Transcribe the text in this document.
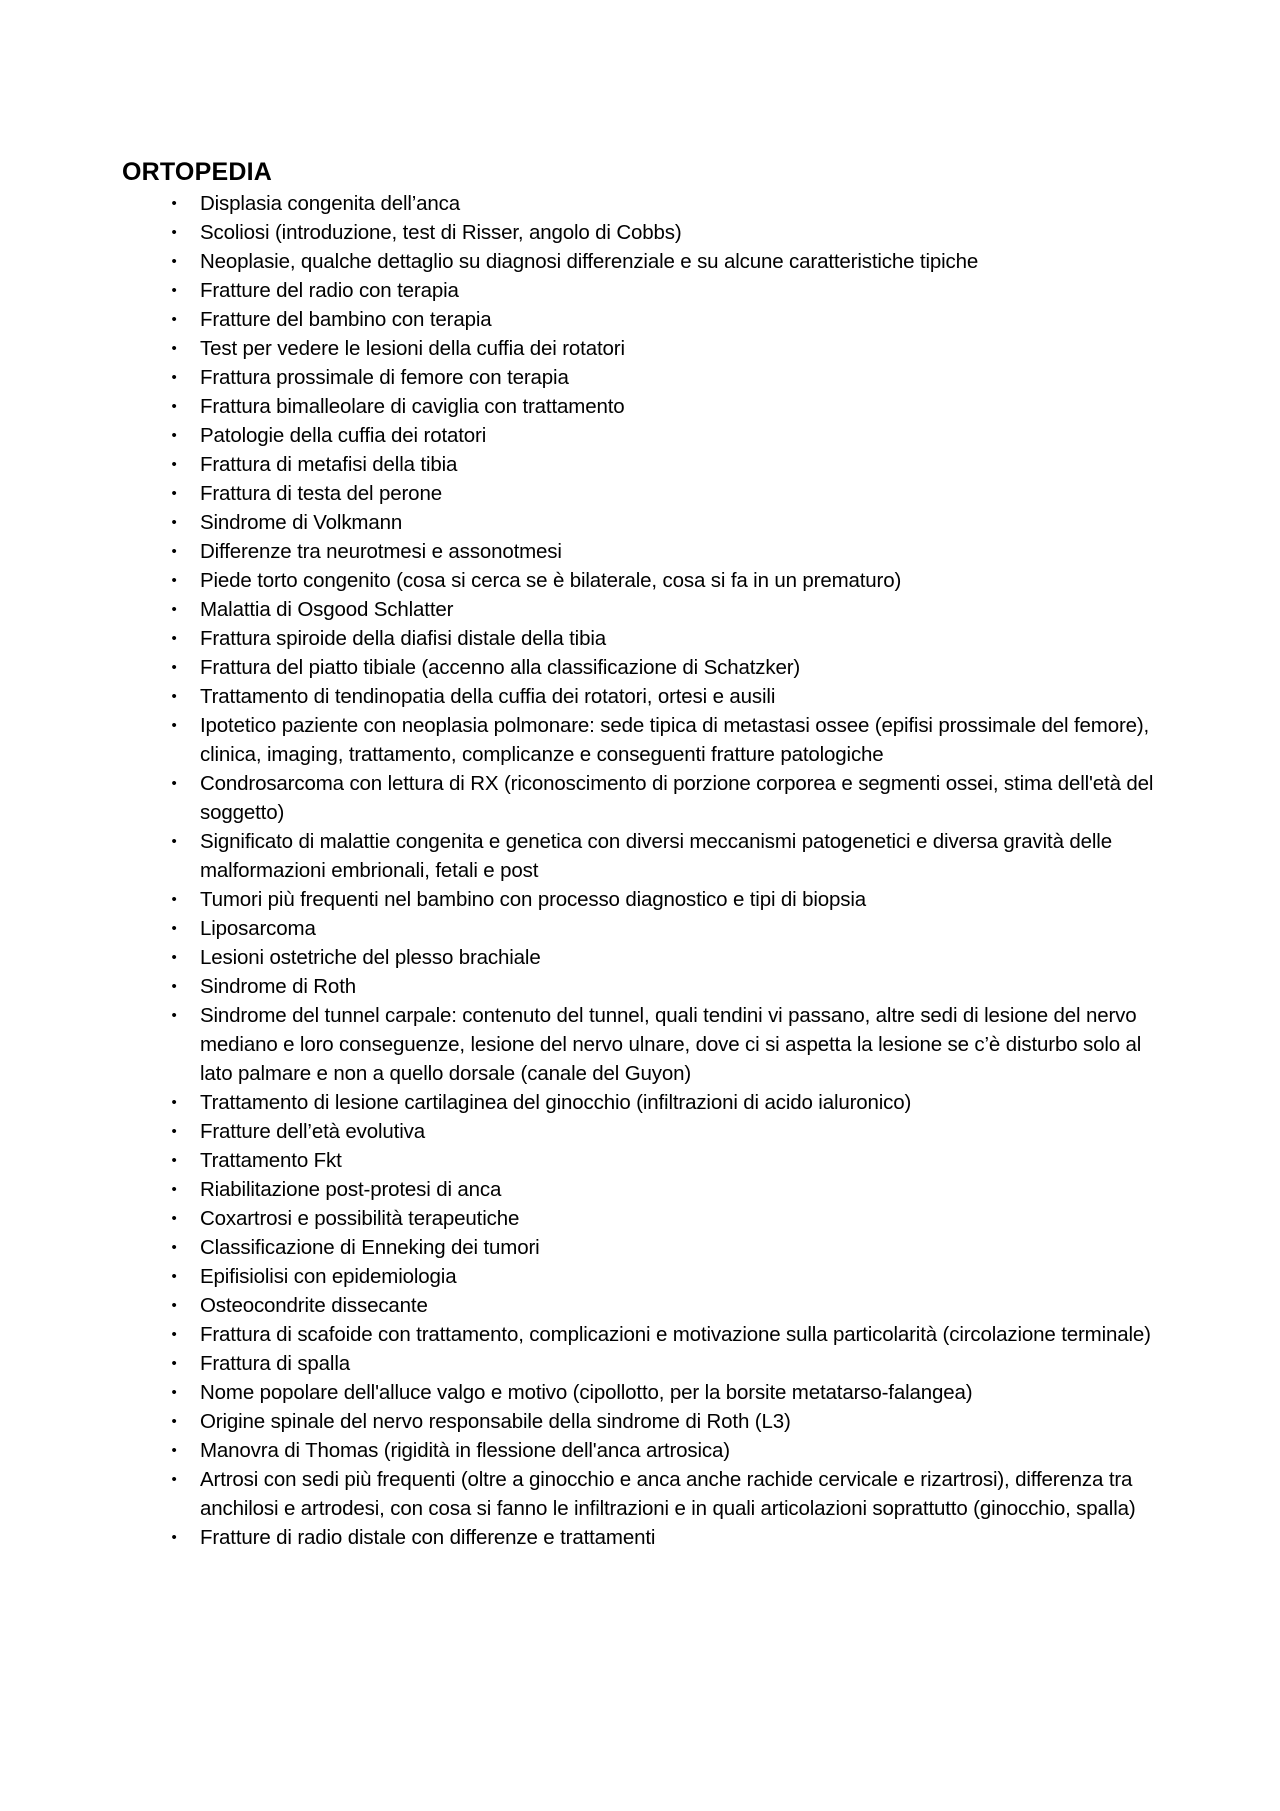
ORTOPEDIA
• Displasia congenita dell’anca
• Scoliosi (introduzione, test di Risser, angolo di Cobbs)
• Neoplasie, qualche dettaglio su diagnosi differenziale e su alcune caratteristiche tipiche
• Fratture del radio con terapia
• Fratture del bambino con terapia
• Test per vedere le lesioni della cuffia dei rotatori
• Frattura prossimale di femore con terapia
• Frattura bimalleolare di caviglia con trattamento
• Patologie della cuffia dei rotatori
• Frattura di metafisi della tibia
• Frattura di testa del perone
• Sindrome di Volkmann
• Differenze tra neurotmesi e assonotmesi
• Piede torto congenito (cosa si cerca se è bilaterale, cosa si fa in un prematuro)
• Malattia di Osgood Schlatter
• Frattura spiroide della diafisi distale della tibia
• Frattura del piatto tibiale (accenno alla classificazione di Schatzker)
• Trattamento di tendinopatia della cuffia dei rotatori, ortesi e ausili
• Ipotetico paziente con neoplasia polmonare: sede tipica di metastasi ossee (epifisi prossimale del femore), clinica, imaging, trattamento, complicanze e conseguenti fratture patologiche
• Condrosarcoma con lettura di RX (riconoscimento di porzione corporea e segmenti ossei, stima dell'età del soggetto)
• Significato di malattie congenita e genetica con diversi meccanismi patogenetici e diversa gravità delle malformazioni embrionali, fetali e post
• Tumori più frequenti nel bambino con processo diagnostico e tipi di biopsia
• Liposarcoma
• Lesioni ostetriche del plesso brachiale
• Sindrome di Roth
• Sindrome del tunnel carpale: contenuto del tunnel, quali tendini vi passano, altre sedi di lesione del nervo mediano e loro conseguenze, lesione del nervo ulnare, dove ci si aspetta la lesione se c’è disturbo solo al lato palmare e non a quello dorsale (canale del Guyon)
• Trattamento di lesione cartilaginea del ginocchio (infiltrazioni di acido ialuronico)
• Fratture dell’età evolutiva
• Trattamento Fkt
• Riabilitazione post-protesi di anca
• Coxartrosi e possibilità terapeutiche
• Classificazione di Enneking dei tumori
• Epifisiolisi con epidemiologia
• Osteocondrite dissecante
• Frattura di scafoide con trattamento, complicazioni e motivazione sulla particolarità (circolazione terminale)
• Frattura di spalla
• Nome popolare dell'alluce valgo e motivo (cipollotto, per la borsite metatarso-falangea)
• Origine spinale del nervo responsabile della sindrome di Roth (L3)
• Manovra di Thomas (rigidità in flessione dell'anca artrosica)
• Artrosi con sedi più frequenti (oltre a ginocchio e anca anche rachide cervicale e rizartrosi), differenza tra anchilosi e artrodesi, con cosa si fanno le infiltrazioni e in quali articolazioni soprattutto (ginocchio, spalla)
• Fratture di radio distale con differenze e trattamenti
